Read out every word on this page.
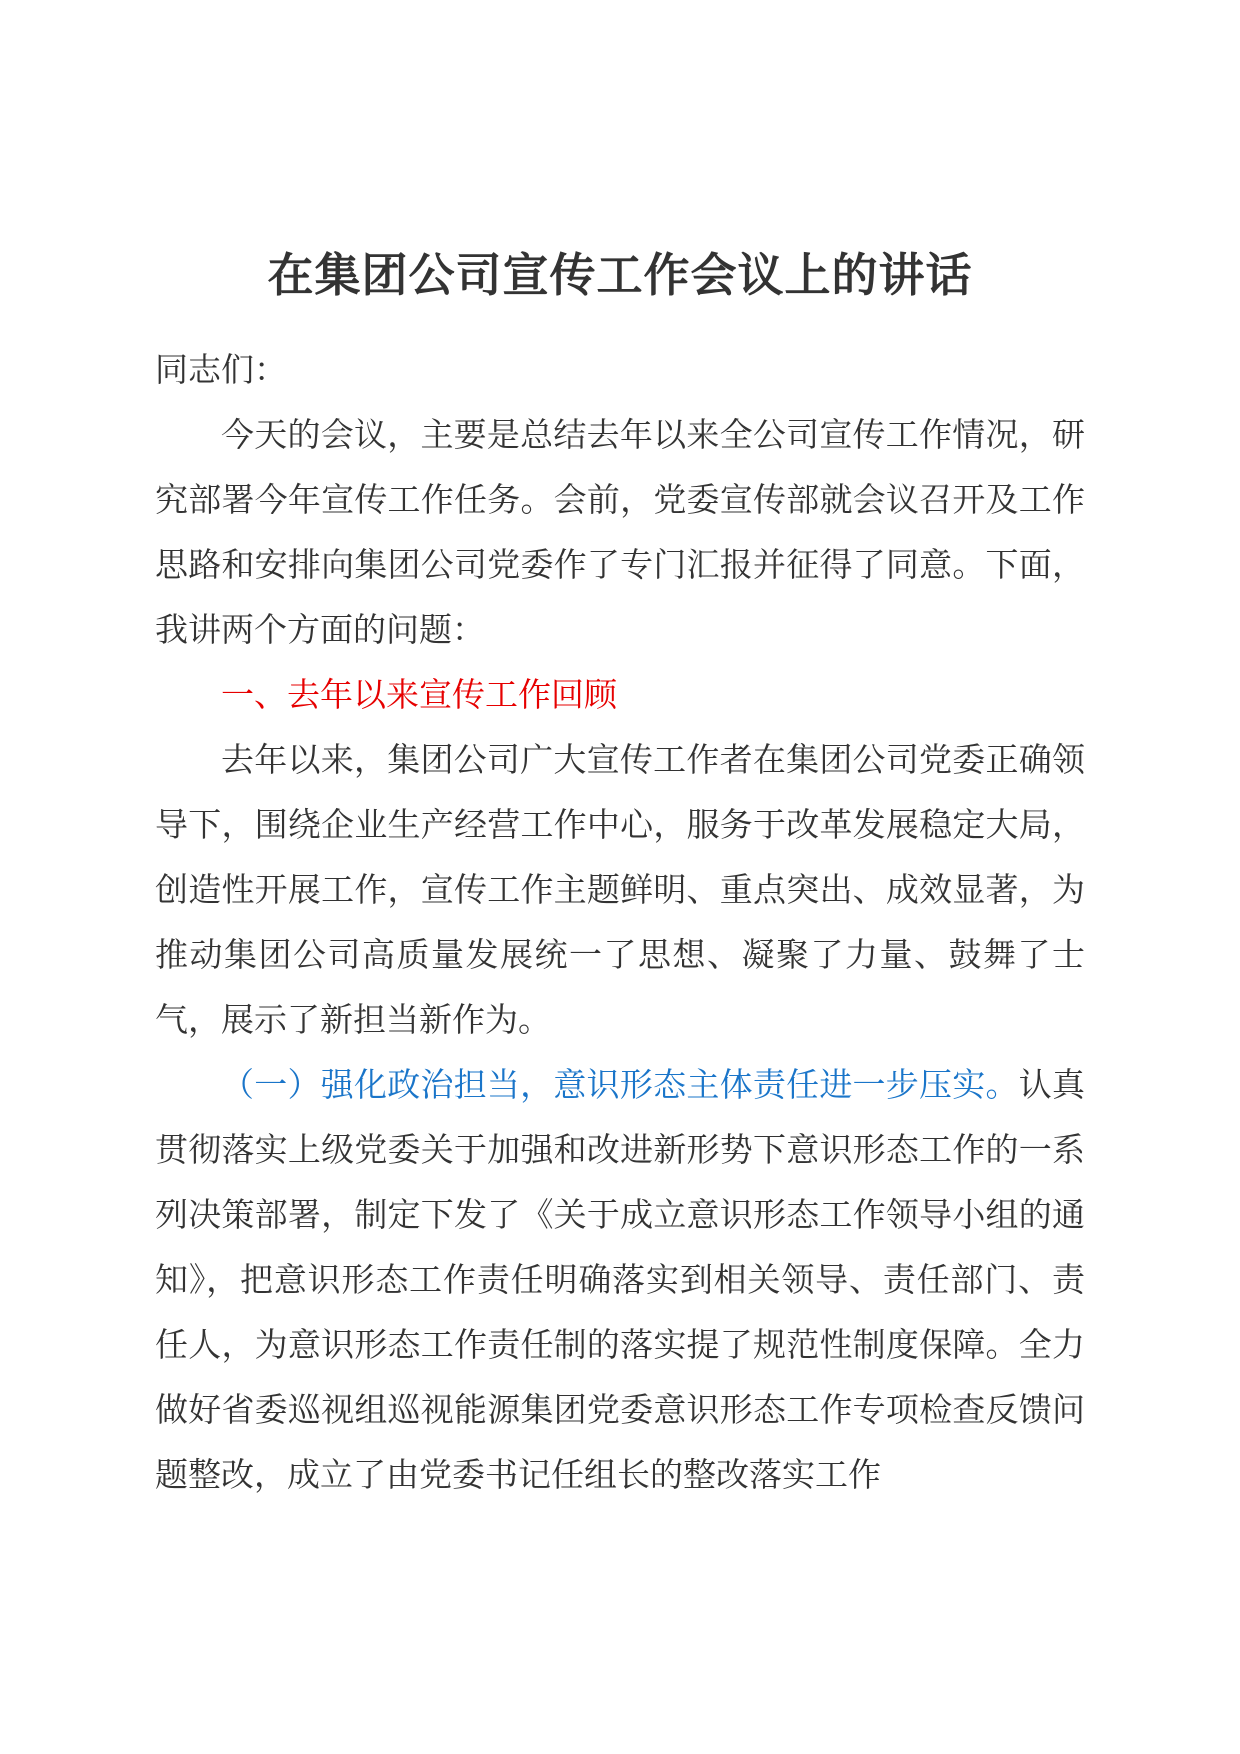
在集团公司宣传工作会议上的讲话
同志们：

今天的会议，主要是总结去年以来全公司宣传工作情况，研究部署今年宣传工作任务。会前，党委宣传部就会议召开及工作思路和安排向集团公司党委作了专门汇报并征得了同意。下面，我讲两个方面的问题：

一、去年以来宣传工作回顾

去年以来，集团公司广大宣传工作者在集团公司党委正确领导下，围绕企业生产经营工作中心，服务于改革发展稳定大局，创造性开展工作，宣传工作主题鲜明、重点突出、成效显著，为推动集团公司高质量发展统一了思想、凝聚了力量、鼓舞了士气，展示了新担当新作为。

（一）强化政治担当，意识形态主体责任进一步压实。认真贯彻落实上级党委关于加强和改进新形势下意识形态工作的一系列决策部署，制定下发了《关于成立意识形态工作领导小组的通知》，把意识形态工作责任明确落实到相关领导、责任部门、责任人，为意识形态工作责任制的落实提了规范性制度保障。全力做好省委巡视组巡视能源集团党委意识形态工作专项检查反馈问题整改，成立了由党委书记任组长的整改落实工作
